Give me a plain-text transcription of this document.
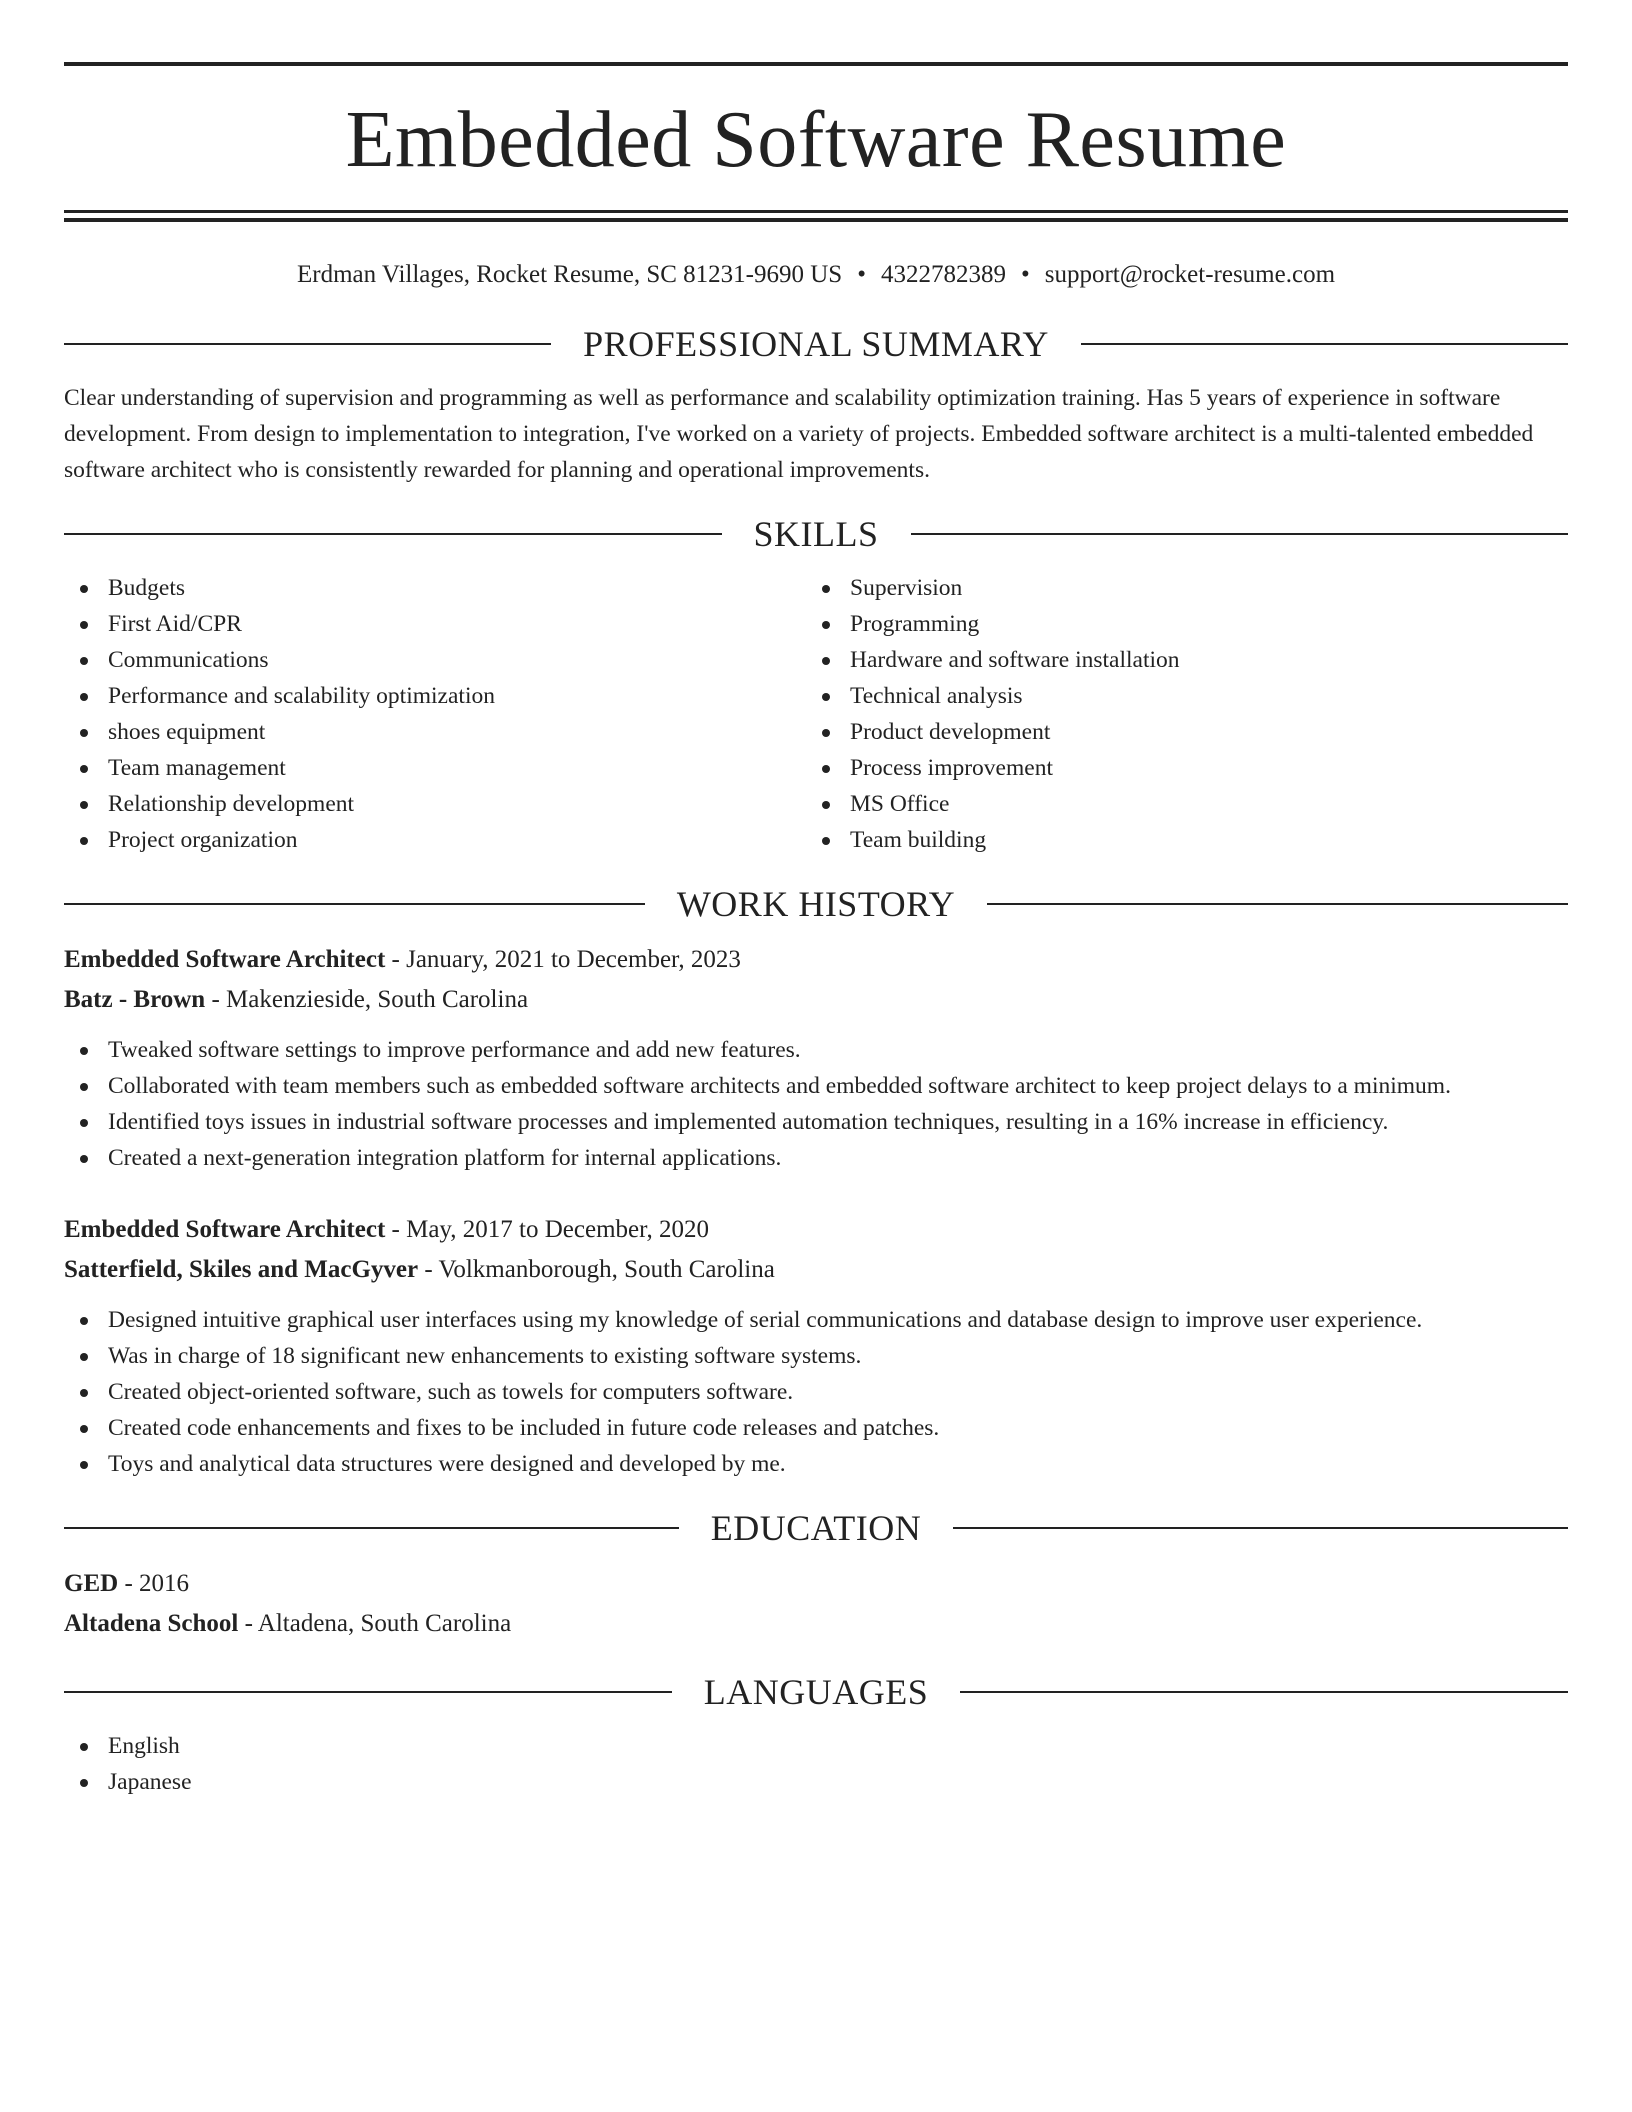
Embedded Software Resume
Erdman Villages, Rocket Resume, SC 81231-9690 US • 4322782389 • support@rocket-resume.com
PROFESSIONAL SUMMARY

Clear understanding of supervision and programming as well as performance and scalability optimization training. Has 5 years of experience in software development. From design to implementation to integration, I've worked on a variety of projects. Embedded software architect is a multi-talented embedded software architect who is consistently rewarded for planning and operational improvements.

SKILLS
Budgets
First Aid/CPR
Communications
Performance and scalability optimization
shoes equipment
Team management
Relationship development
Project organization
Supervision
Programming
Hardware and software installation
Technical analysis
Product development
Process improvement
MS Office
Team building
WORK HISTORY
Embedded Software Architect - January, 2021 to December, 2023
Batz - Brown - Makenzieside, South Carolina
Tweaked software settings to improve performance and add new features.
Collaborated with team members such as embedded software architects and embedded software architect to keep project delays to a minimum.
Identified toys issues in industrial software processes and implemented automation techniques, resulting in a 16% increase in efficiency.
Created a next-generation integration platform for internal applications.
Embedded Software Architect - May, 2017 to December, 2020
Satterfield, Skiles and MacGyver - Volkmanborough, South Carolina
Designed intuitive graphical user interfaces using my knowledge of serial communications and database design to improve user experience.
Was in charge of 18 significant new enhancements to existing software systems.
Created object-oriented software, such as towels for computers software.
Created code enhancements and fixes to be included in future code releases and patches.
Toys and analytical data structures were designed and developed by me.
EDUCATION
GED - 2016
Altadena School - Altadena, South Carolina
LANGUAGES
English
Japanese
